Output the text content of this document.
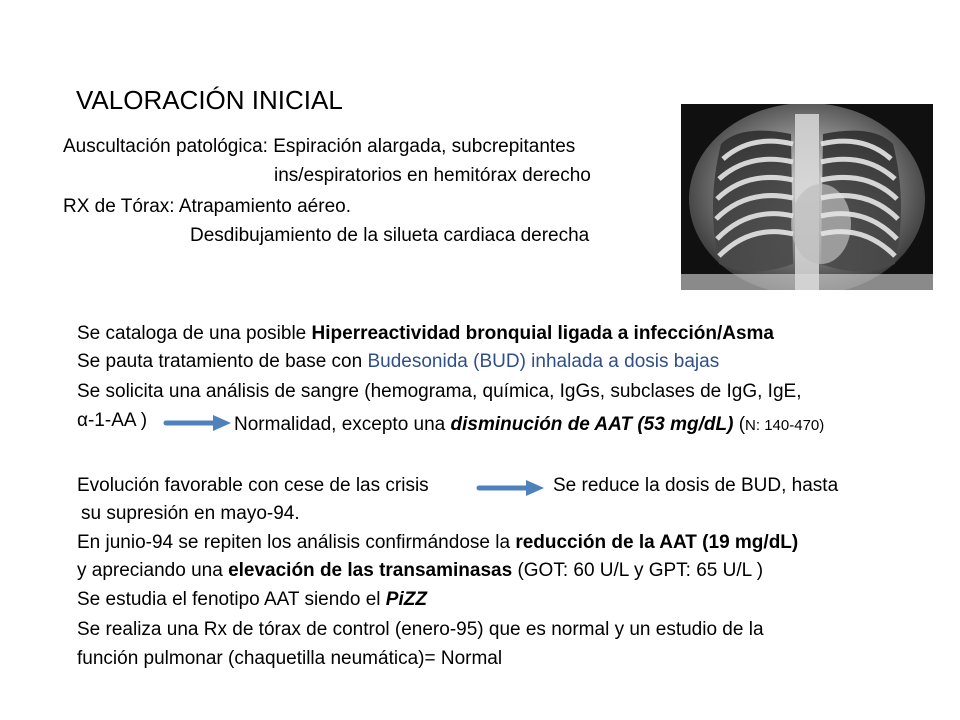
VALORACIÓN INICIAL
Auscultación patológica: Espiración alargada, subcrepitantes
ins/espiratorios en hemitórax derecho
RX de Tórax: Atrapamiento aéreo.
Desdibujamiento de la silueta cardiaca derecha
Se cataloga de una posible Hiperreactividad bronquial ligada a infección/Asma
Se pauta tratamiento de base con Budesonida (BUD) inhalada a dosis bajas
Se solicita una análisis de sangre (hemograma, química, IgGs, subclases de IgG, IgE,
α-1-AA )	Normalidad, excepto una disminución de AAT (53 mg/dL) (N: 140-470)
Evolución favorable con cese de las crisis	Se reduce la dosis de BUD, hasta
su supresión en mayo-94.
En junio-94 se repiten los análisis confirmándose la reducción de la AAT (19 mg/dL)
y apreciando una elevación de las transaminasas (GOT: 60 U/L y GPT: 65 U/L )
Se estudia el fenotipo AAT siendo el PiZZ
Se realiza una Rx de tórax de control (enero-95) que es normal y un estudio de la
función pulmonar (chaquetilla neumática)= Normal
